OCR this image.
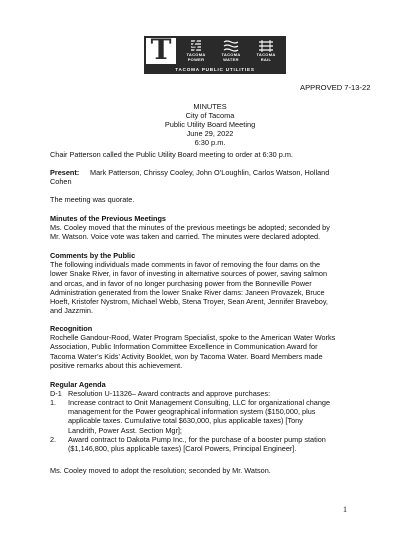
T	TACOMA
POWER
TACOMA
WATER
TACOMA
RAIL
TACOMA PUBLIC UTILITIES
APPROVED 7-13-22
MINUTES
City of Tacoma
Public Utility Board Meeting
June 29, 2022
6:30 p.m.
Chair Patterson called the Public Utility Board meeting to order at 6:30 p.m.
Present:	Mark Patterson, Chrissy Cooley, John O’Loughlin, Carlos Watson, Holland
Cohen
The meeting was quorate.
Minutes of the Previous Meetings
Ms. Cooley moved that the minutes of the previous meetings be adopted; seconded by
Mr. Watson. Voice vote was taken and carried. The minutes were declared adopted.
Comments by the Public
The following individuals made comments in favor of removing the four dams on the
lower Snake River, in favor of investing in alternative sources of power, saving salmon
and orcas, and in favor of no longer purchasing power from the Bonneville Power
Administration generated from the lower Snake River dams: Janeen Provazek, Bruce
Hoeft, Kristofer Nystrom, Michael Webb, Stena Troyer, Sean Arent, Jennifer Braveboy,
and Jazzmin.
Recognition
Rochelle Gandour-Rood, Water Program Specialist, spoke to the American Water Works
Association, Public Information Committee Excellence in Communication Award for
Tacoma Water’s Kids’ Activity Booklet, won by Tacoma Water. Board Members made
positive remarks about this achievement.
Regular Agenda
D-1 Resolution U-11326– Award contracts and approve purchases:
1. Increase contract to Onit Management Consulting, LLC for organizational change
management for the Power geographical information system ($150,000, plus
applicable taxes. Cumulative total $630,000, plus applicable taxes) [Tony
Landrith, Power Asst. Section Mgr];
2. Award contract to Dakota Pump Inc., for the purchase of a booster pump station
($1,146,800, plus applicable taxes) [Carol Powers, Principal Engineer].
Ms. Cooley moved to adopt the resolution; seconded by Mr. Watson.
1
